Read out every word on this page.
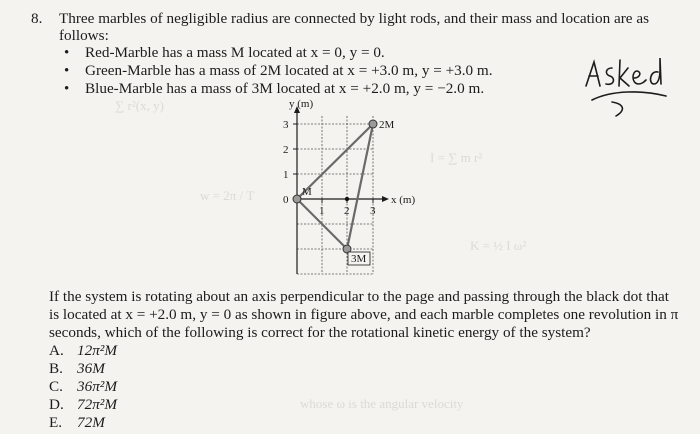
∑ r²(x, y)
I = ∑ m r²
w = 2π / T
K = ½ I ω²
whose ω is the angular velocity
8. Three marbles of negligible radius are connected by light rods, and their mass and location are as follows:
• Red-Marble has a mass M located at x = 0, y = 0.
• Green-Marble has a mass of 2M located at x = +3.0 m, y = +3.0 m.
• Blue-Marble has a mass of 3M located at x = +2.0 m, y = −2.0 m.
y (m)
x (m)
3
2
1
0
1 2 3
M
2M
3M
If the system is rotating about an axis perpendicular to the page and passing through the black dot that is located at x = +2.0 m, y = 0 as shown in figure above, and each marble completes one revolution in π seconds, which of the following is correct for the rotational kinetic energy of the system?
A. 12π²M
B. 36M
C. 36π²M
D. 72π²M
E. 72M
